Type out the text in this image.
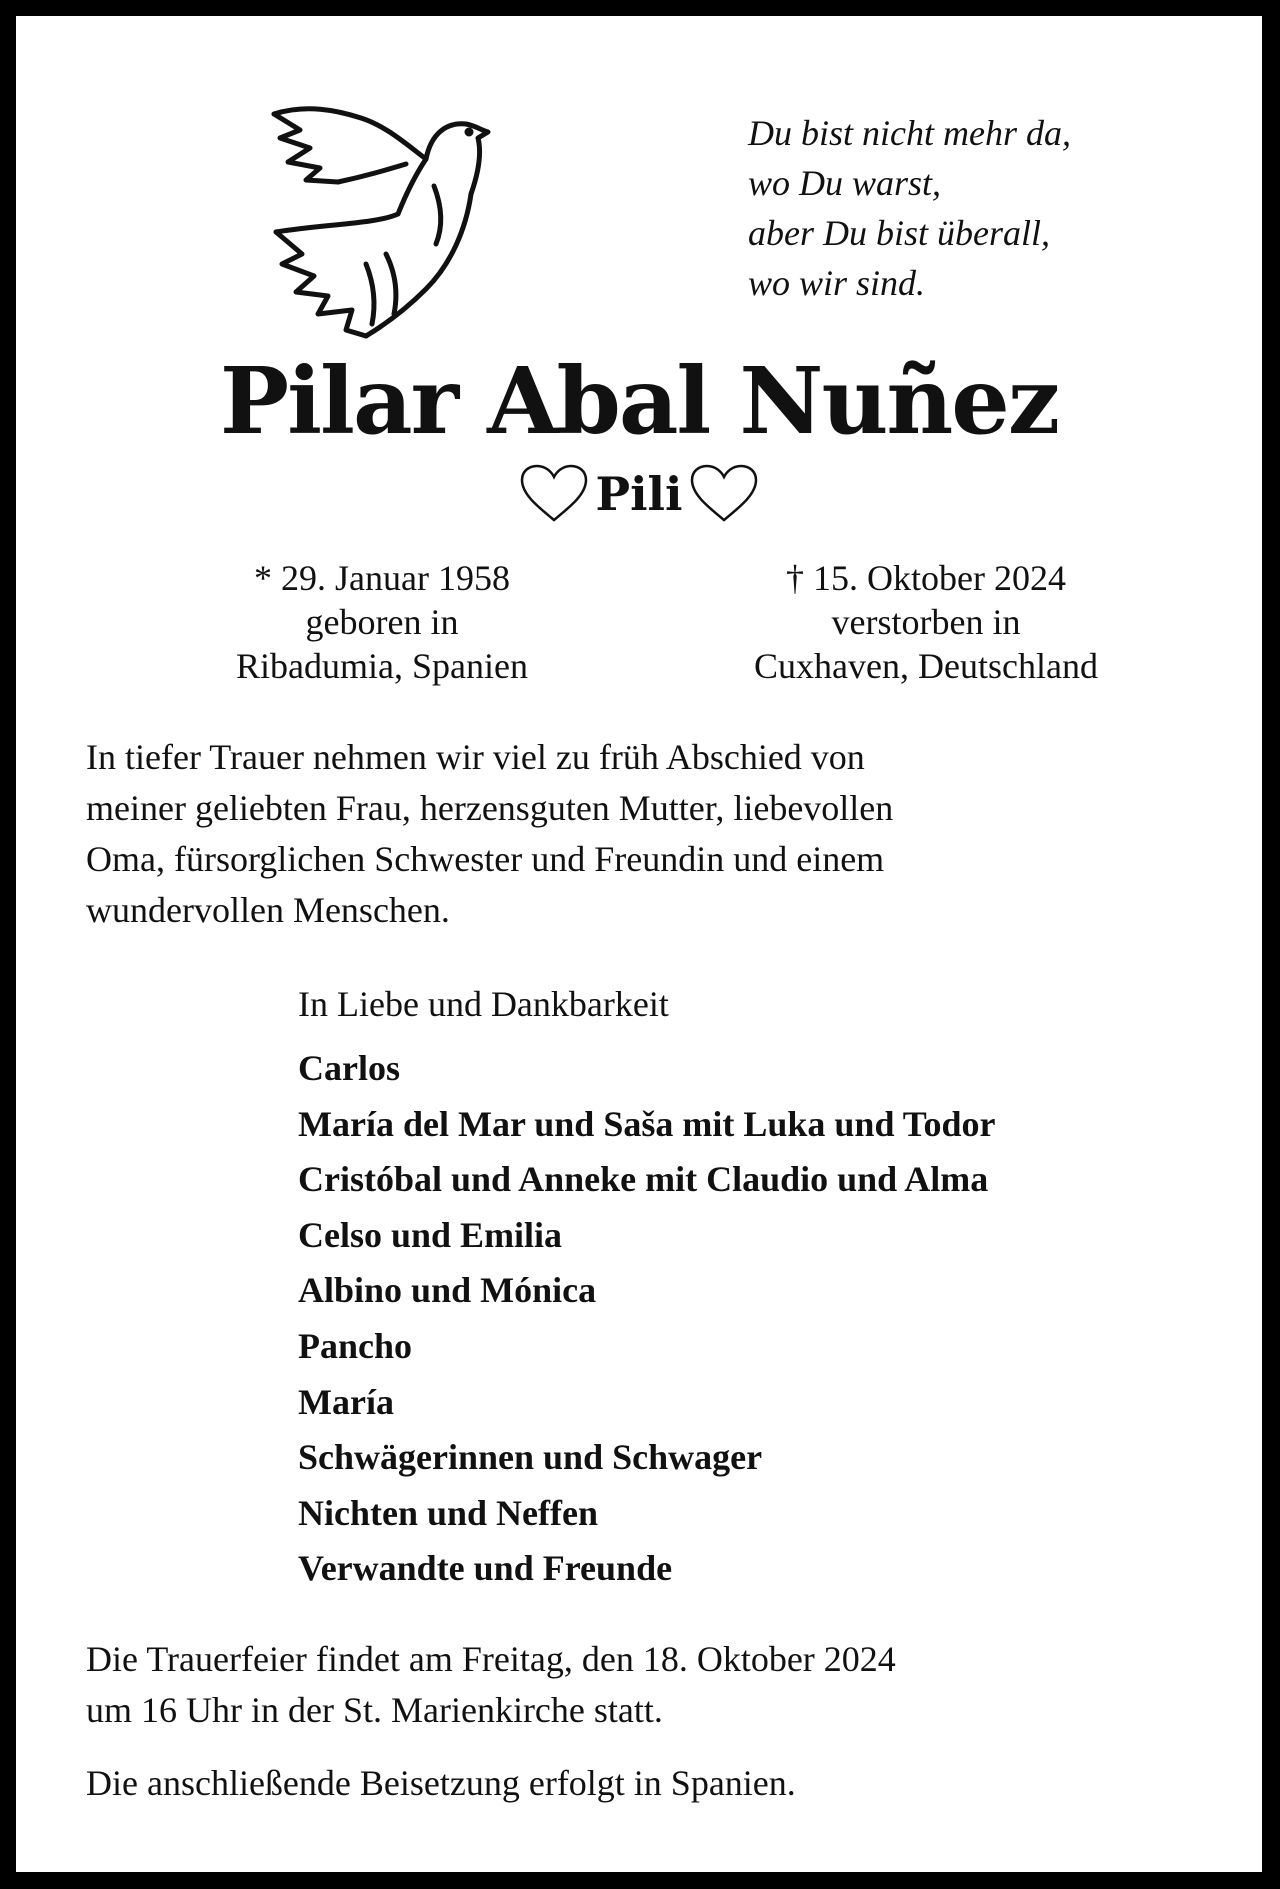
Du bist nicht mehr da,
wo Du warst,
aber Du bist überall,
wo wir sind.
Pilar Abal Nuñez
Pili
* 29. Januar 1958
geboren in
Ribadumia, Spanien
† 15. Oktober 2024
verstorben in
Cuxhaven, Deutschland
In tiefer Trauer nehmen wir viel zu früh Abschied von
meiner geliebten Frau, herzensguten Mutter, liebevollen
Oma, fürsorglichen Schwester und Freundin und einem
wundervollen Menschen.
In Liebe und Dankbarkeit
Carlos
María del Mar und Saša mit Luka und Todor
Cristóbal und Anneke mit Claudio und Alma
Celso und Emilia
Albino und Mónica
Pancho
María
Schwägerinnen und Schwager
Nichten und Neffen
Verwandte und Freunde
Die Trauerfeier findet am Freitag, den 18. Oktober 2024
um 16 Uhr in der St. Marienkirche statt.
Die anschließende Beisetzung erfolgt in Spanien.
